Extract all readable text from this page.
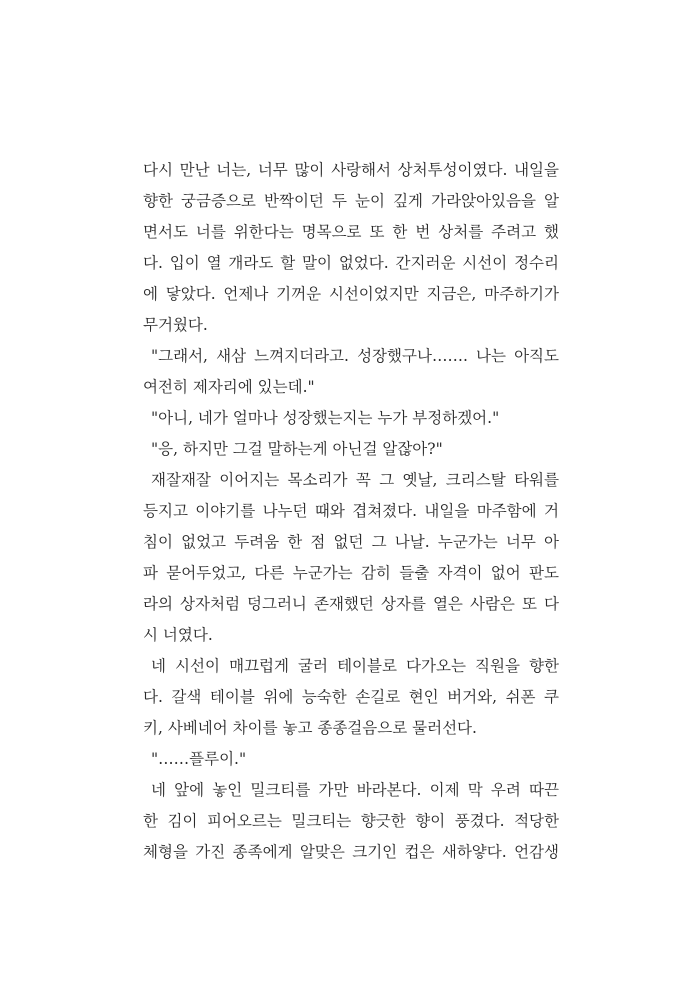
다시 만난 너는, 너무 많이 사랑해서 상처투성이였다. 내일을
향한 궁금증으로 반짝이던 두 눈이 깊게 가라앉아있음을 알
면서도 너를 위한다는 명목으로 또 한 번 상처를 주려고 했
다. 입이 열 개라도 할 말이 없었다. 간지러운 시선이 정수리
에 닿았다. 언제나 기꺼운 시선이었지만 지금은, 마주하기가
무거웠다.
"그래서, 새삼 느껴지더라고. 성장했구나……. 나는 아직도
여전히 제자리에 있는데."
"아니, 네가 얼마나 성장했는지는 누가 부정하겠어."
"응, 하지만 그걸 말하는게 아닌걸 알잖아?"
재잘재잘 이어지는 목소리가 꼭 그 옛날, 크리스탈 타워를
등지고 이야기를 나누던 때와 겹쳐졌다. 내일을 마주함에 거
침이 없었고 두려움 한 점 없던 그 나날. 누군가는 너무 아
파 묻어두었고, 다른 누군가는 감히 들출 자격이 없어 판도
라의 상자처럼 덩그러니 존재했던 상자를 열은 사람은 또 다
시 너였다.
네 시선이 매끄럽게 굴러 테이블로 다가오는 직원을 향한
다. 갈색 테이블 위에 능숙한 손길로 현인 버거와, 쉬폰 쿠
키, 사베네어 차이를 놓고 종종걸음으로 물러선다.
"……플루이."
네 앞에 놓인 밀크티를 가만 바라본다. 이제 막 우려 따끈
한 김이 피어오르는 밀크티는 향긋한 향이 풍겼다. 적당한
체형을 가진 종족에게 알맞은 크기인 컵은 새하얗다. 언감생
